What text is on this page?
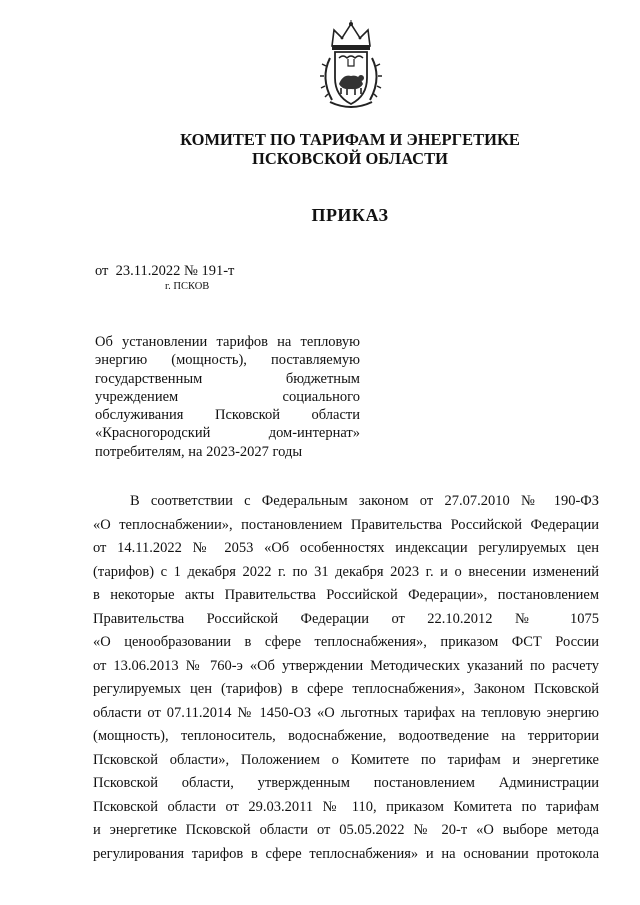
КОМИТЕТ ПО ТАРИФАМ И ЭНЕРГЕТИКЕ
ПСКОВСКОЙ ОБЛАСТИ
ПРИКАЗ
от  23.11.2022 № 191-т
г. ПСКОВ
Об установлении тарифов на тепловую
энергию (мощность), поставляемую
государственным бюджетным
учреждением социального
обслуживания Псковской области
«Красногородский дом-интернат»
потребителям, на 2023-2027 годы
В соответствии с Федеральным законом от 27.07.2010 № 190-ФЗ
«О теплоснабжении», постановлением Правительства Российской Федерации
от 14.11.2022 № 2053 «Об особенностях индексации регулируемых цен
(тарифов) с 1 декабря 2022 г. по 31 декабря 2023 г. и о внесении изменений
в некоторые акты Правительства Российской Федерации», постановлением
Правительства Российской Федерации от 22.10.2012 № 1075
«О ценообразовании в сфере теплоснабжения», приказом ФСТ России
от 13.06.2013 № 760-э «Об утверждении Методических указаний по расчету
регулируемых цен (тарифов) в сфере теплоснабжения», Законом Псковской
области от 07.11.2014 № 1450-ОЗ «О льготных тарифах на тепловую энергию
(мощность), теплоноситель, водоснабжение, водоотведение на территории
Псковской области», Положением о Комитете по тарифам и энергетике
Псковской области, утвержденным постановлением Администрации
Псковской области от 29.03.2011 № 110, приказом Комитета по тарифам
и энергетике Псковской области от 05.05.2022 № 20-т «О выборе метода
регулирования тарифов в сфере теплоснабжения» и на основании протокола
